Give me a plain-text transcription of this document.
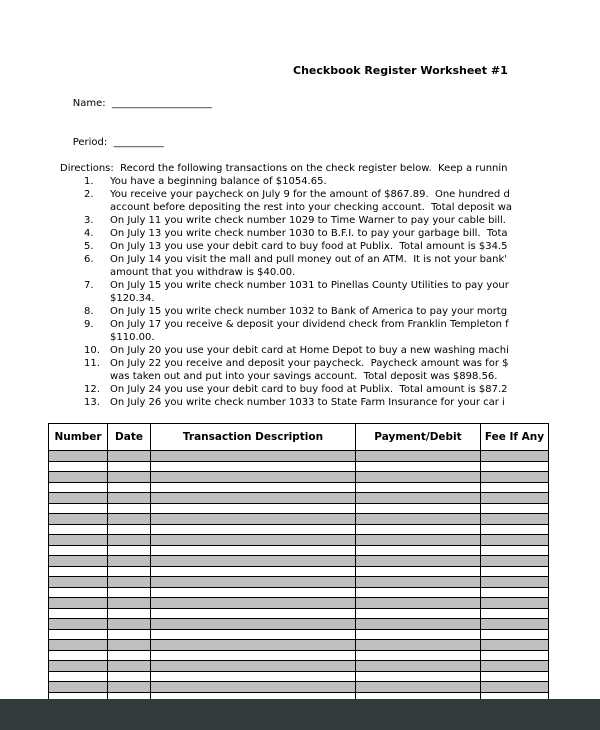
Checkbook Register Worksheet #1

Name:  ____________________

Period:  __________

Directions:  Record the following transactions on the check register below.  Keep a runnin
1.	You have a beginning balance of $1054.65.
2.	You receive your paycheck on July 9 for the amount of $867.89.  One hundred d
account before depositing the rest into your checking account.  Total deposit wa
3.	On July 11 you write check number 1029 to Time Warner to pay your cable bill.
4.	On July 13 you write check number 1030 to B.F.I. to pay your garbage bill.  Tota
5.	On July 13 you use your debit card to buy food at Publix.  Total amount is $34.5
6.	On July 14 you visit the mall and pull money out of an ATM.  It is not your bank'
amount that you withdraw is $40.00.
7.	On July 15 you write check number 1031 to Pinellas County Utilities to pay your
$120.34.
8.	On July 15 you write check number 1032 to Bank of America to pay your mortg
9.	On July 17 you receive & deposit your dividend check from Franklin Templeton f
$110.00.
10.	On July 20 you use your debit card at Home Depot to buy a new washing machi
11.	On July 22 you receive and deposit your paycheck.  Paycheck amount was for $
was taken out and put into your savings account.  Total deposit was $898.56.
12.	On July 24 you use your debit card to buy food at Publix.  Total amount is $87.2
13.	On July 26 you write check number 1033 to State Farm Insurance for your car i
Number	Date	Transaction Description	Payment/Debit	Fee If Any
